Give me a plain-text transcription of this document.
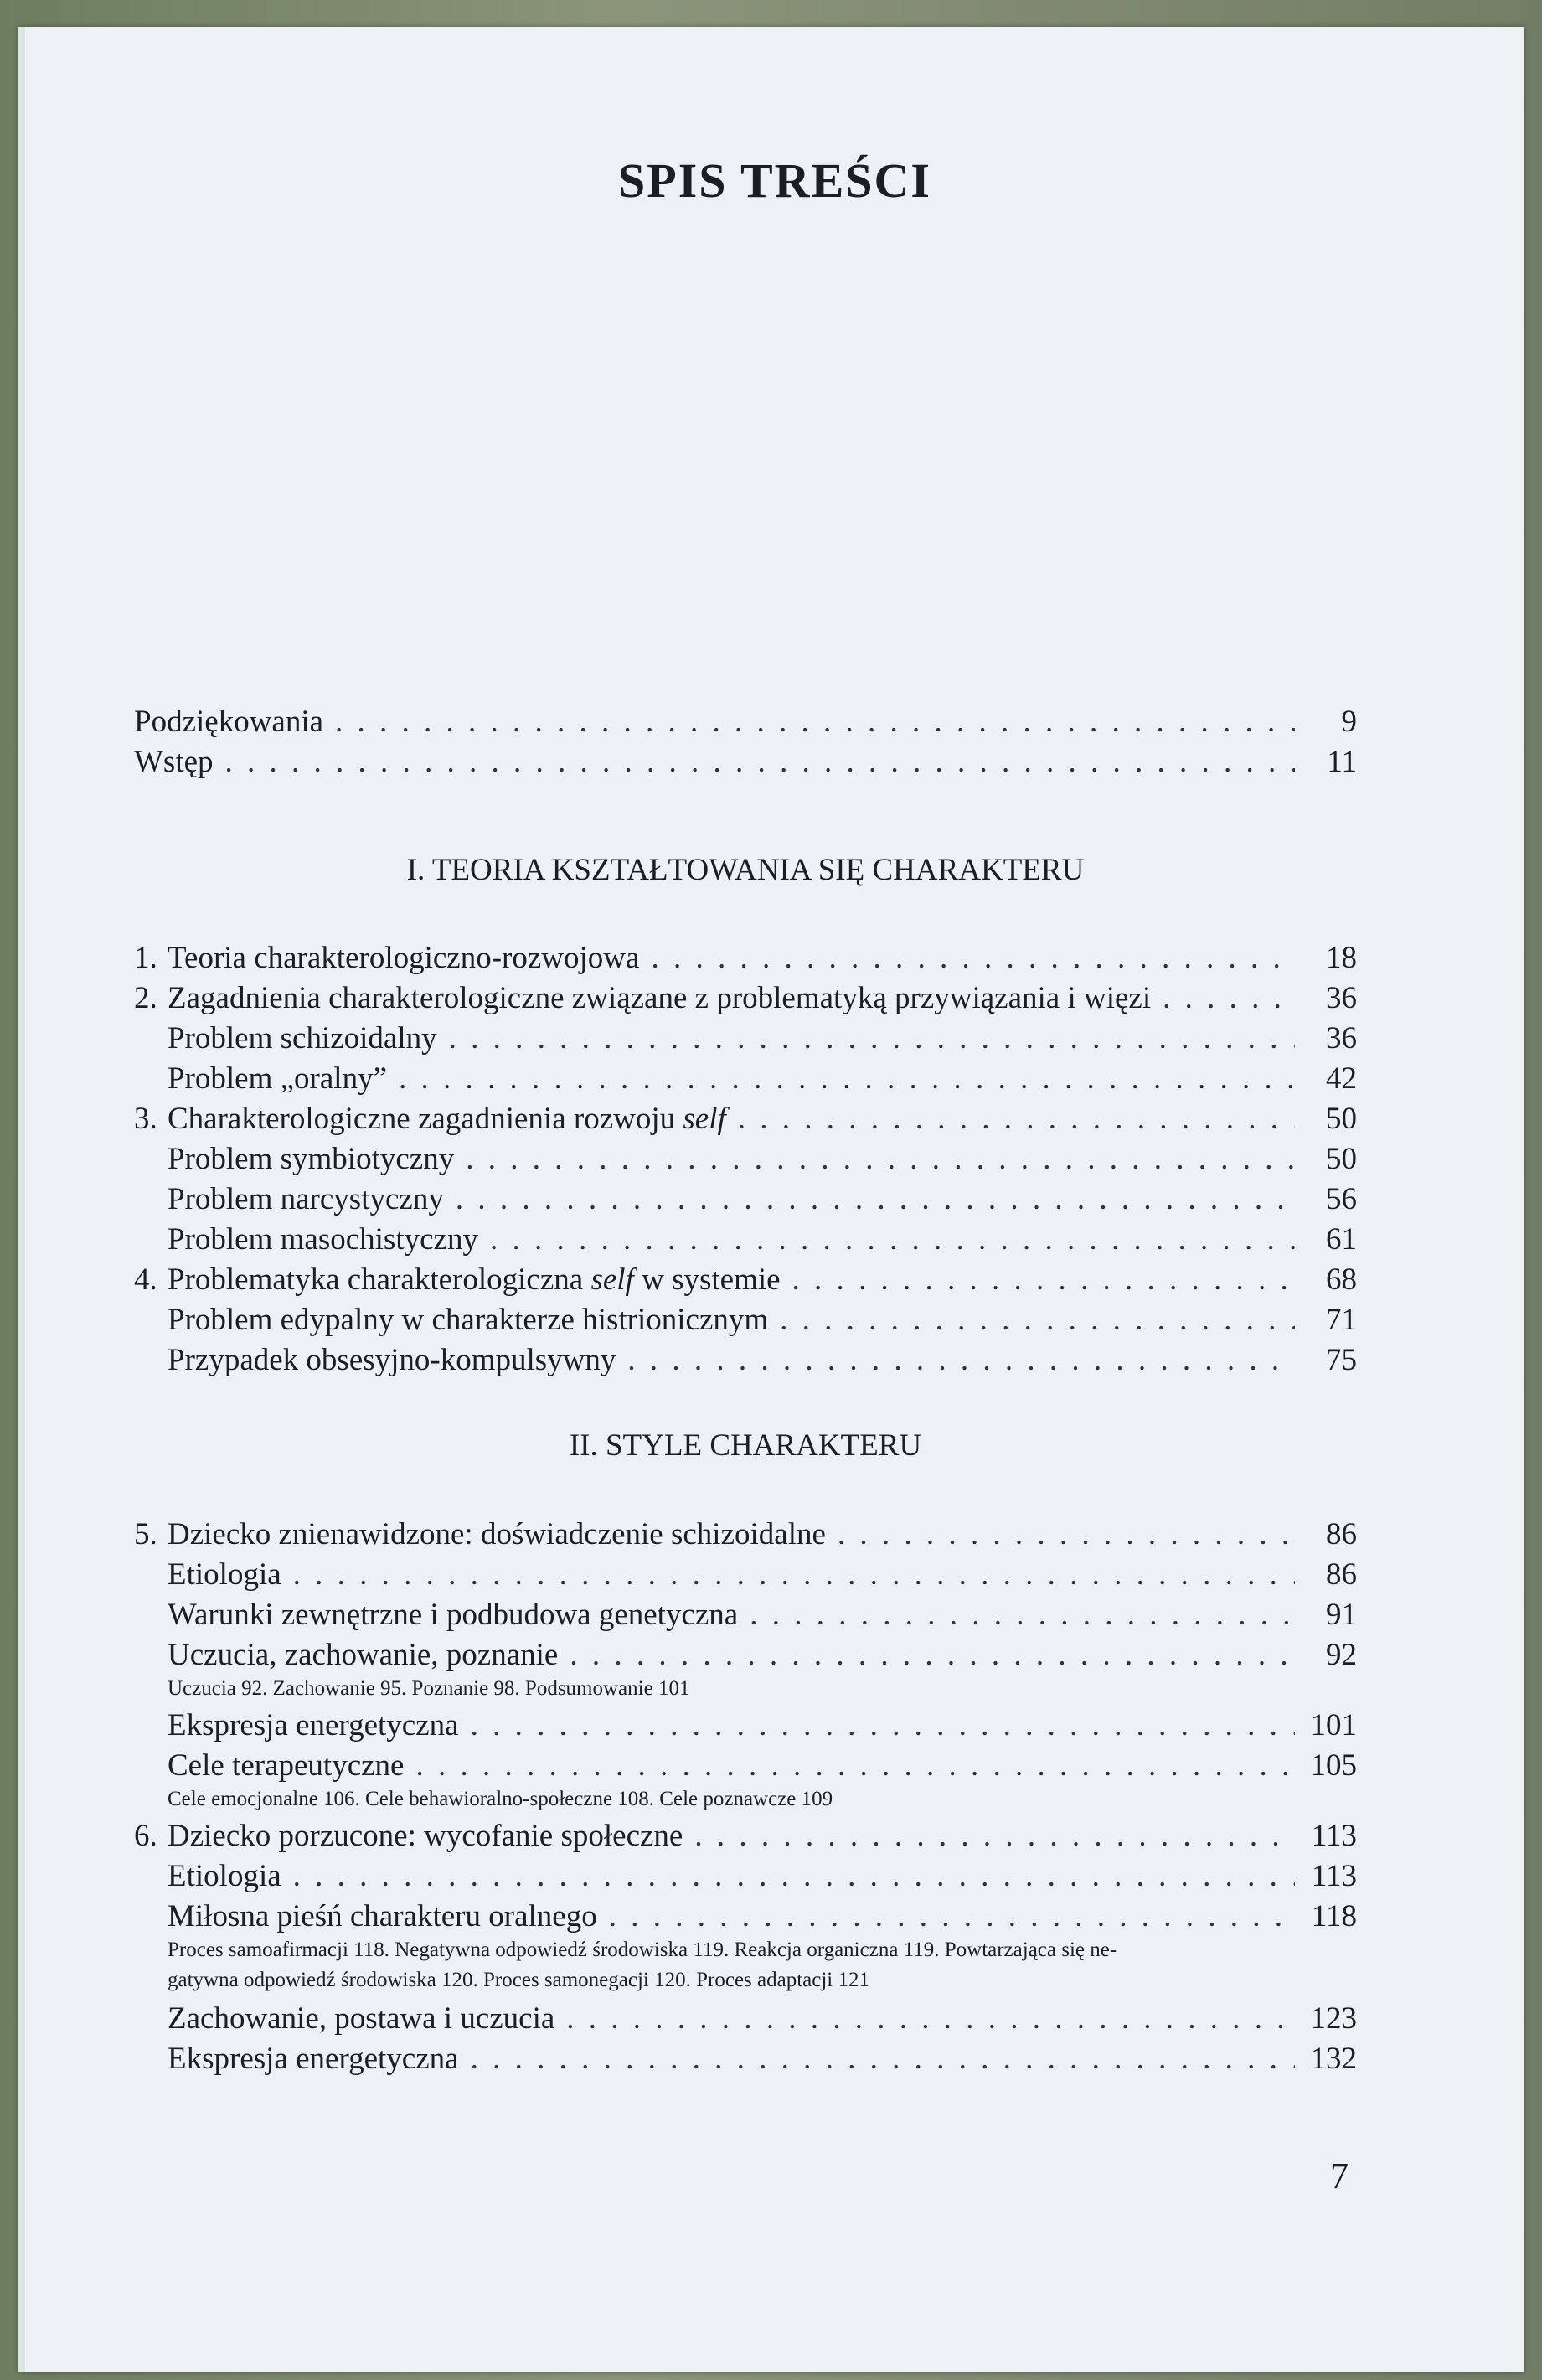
SPIS TREŚCI
Podziękowania . . .	9
Wstęp . . .	11
1. Teoria charakterologiczno-rozwojowa . . .	18
2. Zagadnienia charakterologiczne związane z problematyką przywiązania i więzi . . .	36
Problem schizoidalny . . .	36
Problem „oralny” . . .	42
3. Charakterologiczne zagadnienia rozwoju self . . .	50
Problem symbiotyczny . . .	50
Problem narcystyczny . . .	56
Problem masochistyczny . . .	61
4. Problematyka charakterologiczna self w systemie . . .	68
Problem edypalny w charakterze histrionicznym . . .	71
Przypadek obsesyjno-kompulsywny . . .	75
5. Dziecko znienawidzone: doświadczenie schizoidalne . . .	86
Etiologia . . .	86
Warunki zewnętrzne i podbudowa genetyczna . . .	91
Uczucia, zachowanie, poznanie . . .	92
Uczucia 92. Zachowanie 95. Poznanie 98. Podsumowanie 101
Ekspresja energetyczna . . .	101
Cele terapeutyczne . . .	105
Cele emocjonalne 106. Cele behawioralno-społeczne 108. Cele poznawcze 109
6. Dziecko porzucone: wycofanie społeczne . . .	113
Etiologia . . .	113
Miłosna pieśń charakteru oralnego . . .	118
Proces samoafirmacji 118. Negatywna odpowiedź środowiska 119. Reakcja organiczna 119. Powtarzająca się ne-
gatywna odpowiedź środowiska 120. Proces samonegacji 120. Proces adaptacji 121
Zachowanie, postawa i uczucia . . .	123
Ekspresja energetyczna . . .	132
I. TEORIA KSZTAŁTOWANIA SIĘ CHARAKTERU
II. STYLE CHARAKTERU
7
